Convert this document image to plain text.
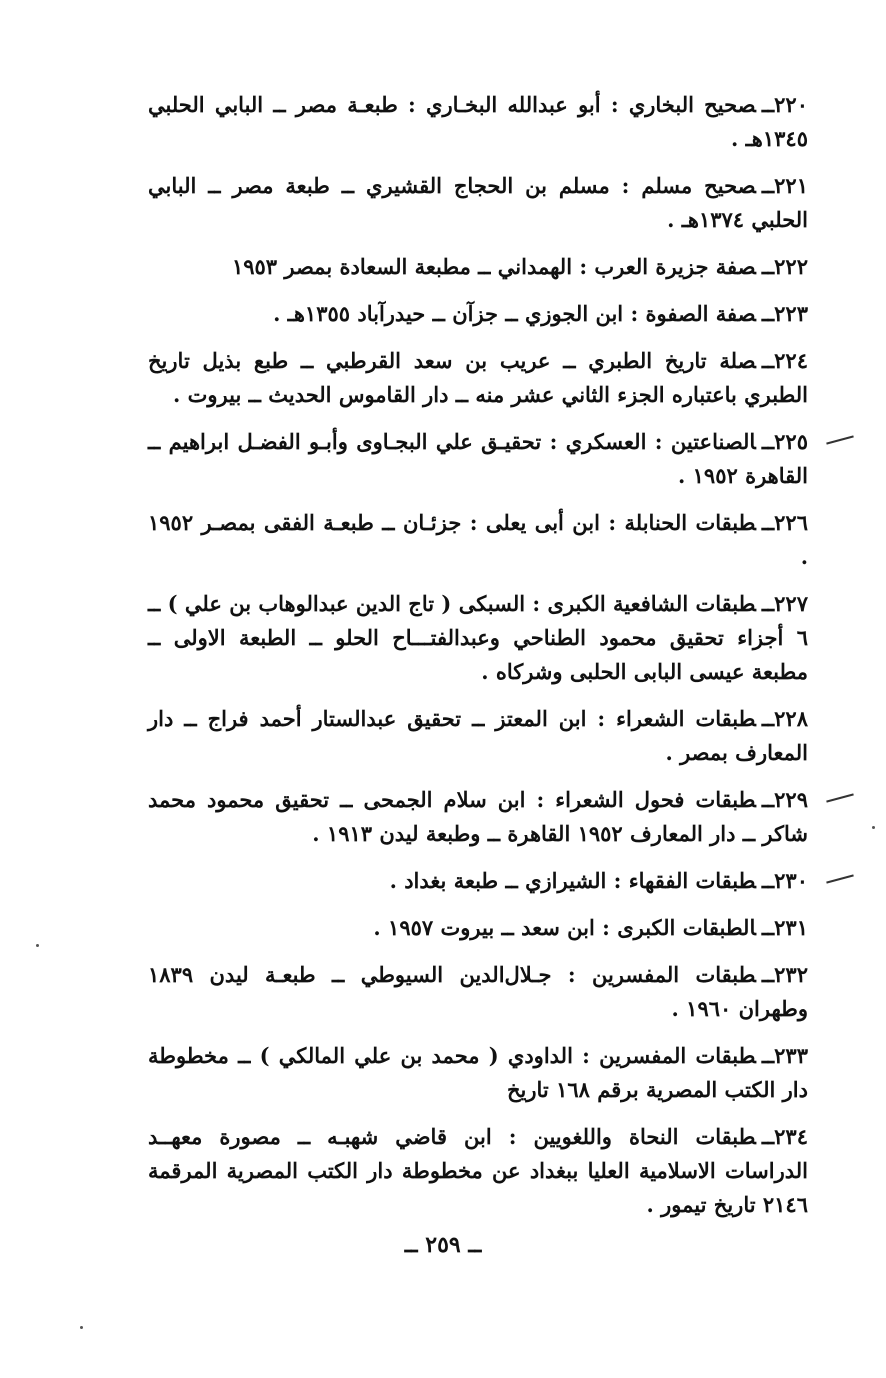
٢٢٠ــصحيح البخاري : أبو عبدالله البخـاري : طبعـة مصر ــ البابي الحلبي ١٣٤٥هـ .
٢٢١ــصحيح مسلم : مسلم بن الحجاج القشيري ــ طبعة مصر ــ البابي الحلبي ١٣٧٤هـ .
٢٢٢ــصفة جزيرة العرب : الهمداني ــ مطبعة السعادة بمصر ١٩٥٣
٢٢٣ــصفة الصفوة : ابن الجوزي ــ جزآن ــ حيدرآباد ١٣٥٥هـ .
٢٢٤ــصلة تاريخ الطبري ــ عريب بن سعد القرطبي ــ طبع بذيل تاريخ الطبري باعتباره الجزء الثاني عشر منه ــ دار القاموس الحديث ــ بيروت .
٢٢٥ــالصناعتين : العسكري : تحقيـق علي البجـاوى وأبـو الفضـل ابراهيم ــ القاهرة ١٩٥٢ .
٢٢٦ــطبقات الحنابلة : ابن أبى يعلى : جزئـان ــ طبعـة الفقى بمصـر ١٩٥٢ .
٢٢٧ــطبقات الشافعية الكبرى : السبكى ( تاج الدين عبدالوهاب بن علي ) ــ ٦ أجزاء تحقيق محمود الطناحي وعبدالفتـــاح الحلو ــ الطبعة الاولى ــ مطبعة عيسى البابى الحلبى وشركاه .
٢٢٨ــطبقات الشعراء : ابن المعتز ــ تحقيق عبدالستار أحمد فراج ــ دار المعارف بمصر .
٢٢٩ــطبقات فحول الشعراء : ابن سلام الجمحى ــ تحقيق محمود محمد شاكر ــ دار المعارف ١٩٥٢ القاهرة ــ وطبعة ليدن ١٩١٣ .
٢٣٠ــطبقات الفقهاء : الشيرازي ــ طبعة بغداد .
٢٣١ــالطبقات الكبرى : ابن سعد ــ بيروت ١٩٥٧ .
٢٣٢ــطبقات المفسرين : جـلال‌الدين السيوطي ــ طبعـة ليدن ١٨٣٩ وطهران ١٩٦٠ .
٢٣٣ــطبقات المفسرين : الداودي ( محمد بن علي المالكي ) ــ مخطوطة دار الكتب المصرية برقم ١٦٨ تاريخ
٢٣٤ــطبقات النحاة واللغويين : ابن قاضي شهبـه ــ مصورة معهــد الدراسات الاسلامية العليا ببغداد عن مخطوطة دار الكتب المصرية المرقمة ٢١٤٦ تاريخ تيمور .
ــ ٢٥٩ ــ
